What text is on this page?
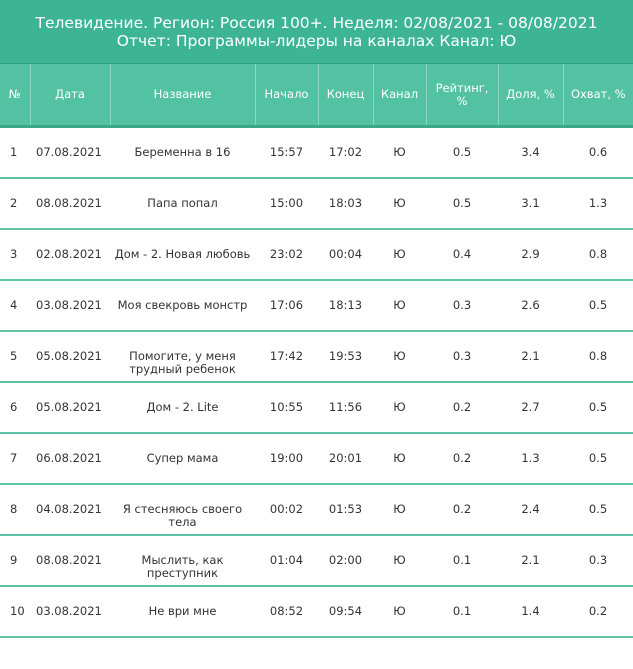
Телевидение. Регион: Россия 100+. Неделя: 02/08/2021 - 08/08/2021 Отчет: Программы-лидеры на каналах Канал: Ю
№	Дата	Название	Начало	Конец	Канал	Рейтинг, %	Доля, %	Охват, %
1	07.08.2021	Беременна в 16	15:57	17:02	Ю	0.5	3.4	0.6
2	08.08.2021	Папа попал	15:00	18:03	Ю	0.5	3.1	1.3
3	02.08.2021	Дом - 2. Новая любовь	23:02	00:04	Ю	0.4	2.9	0.8
4	03.08.2021	Моя свекровь монстр	17:06	18:13	Ю	0.3	2.6	0.5
5	05.08.2021	Помогите, у меня трудный ребенок	17:42	19:53	Ю	0.3	2.1	0.8
6	05.08.2021	Дом - 2. Lite	10:55	11:56	Ю	0.2	2.7	0.5
7	06.08.2021	Супер мама	19:00	20:01	Ю	0.2	1.3	0.5
8	04.08.2021	Я стесняюсь своего тела	00:02	01:53	Ю	0.2	2.4	0.5
9	08.08.2021	Мыслить, как преступник	01:04	02:00	Ю	0.1	2.1	0.3
10	03.08.2021	Не ври мне	08:52	09:54	Ю	0.1	1.4	0.2
